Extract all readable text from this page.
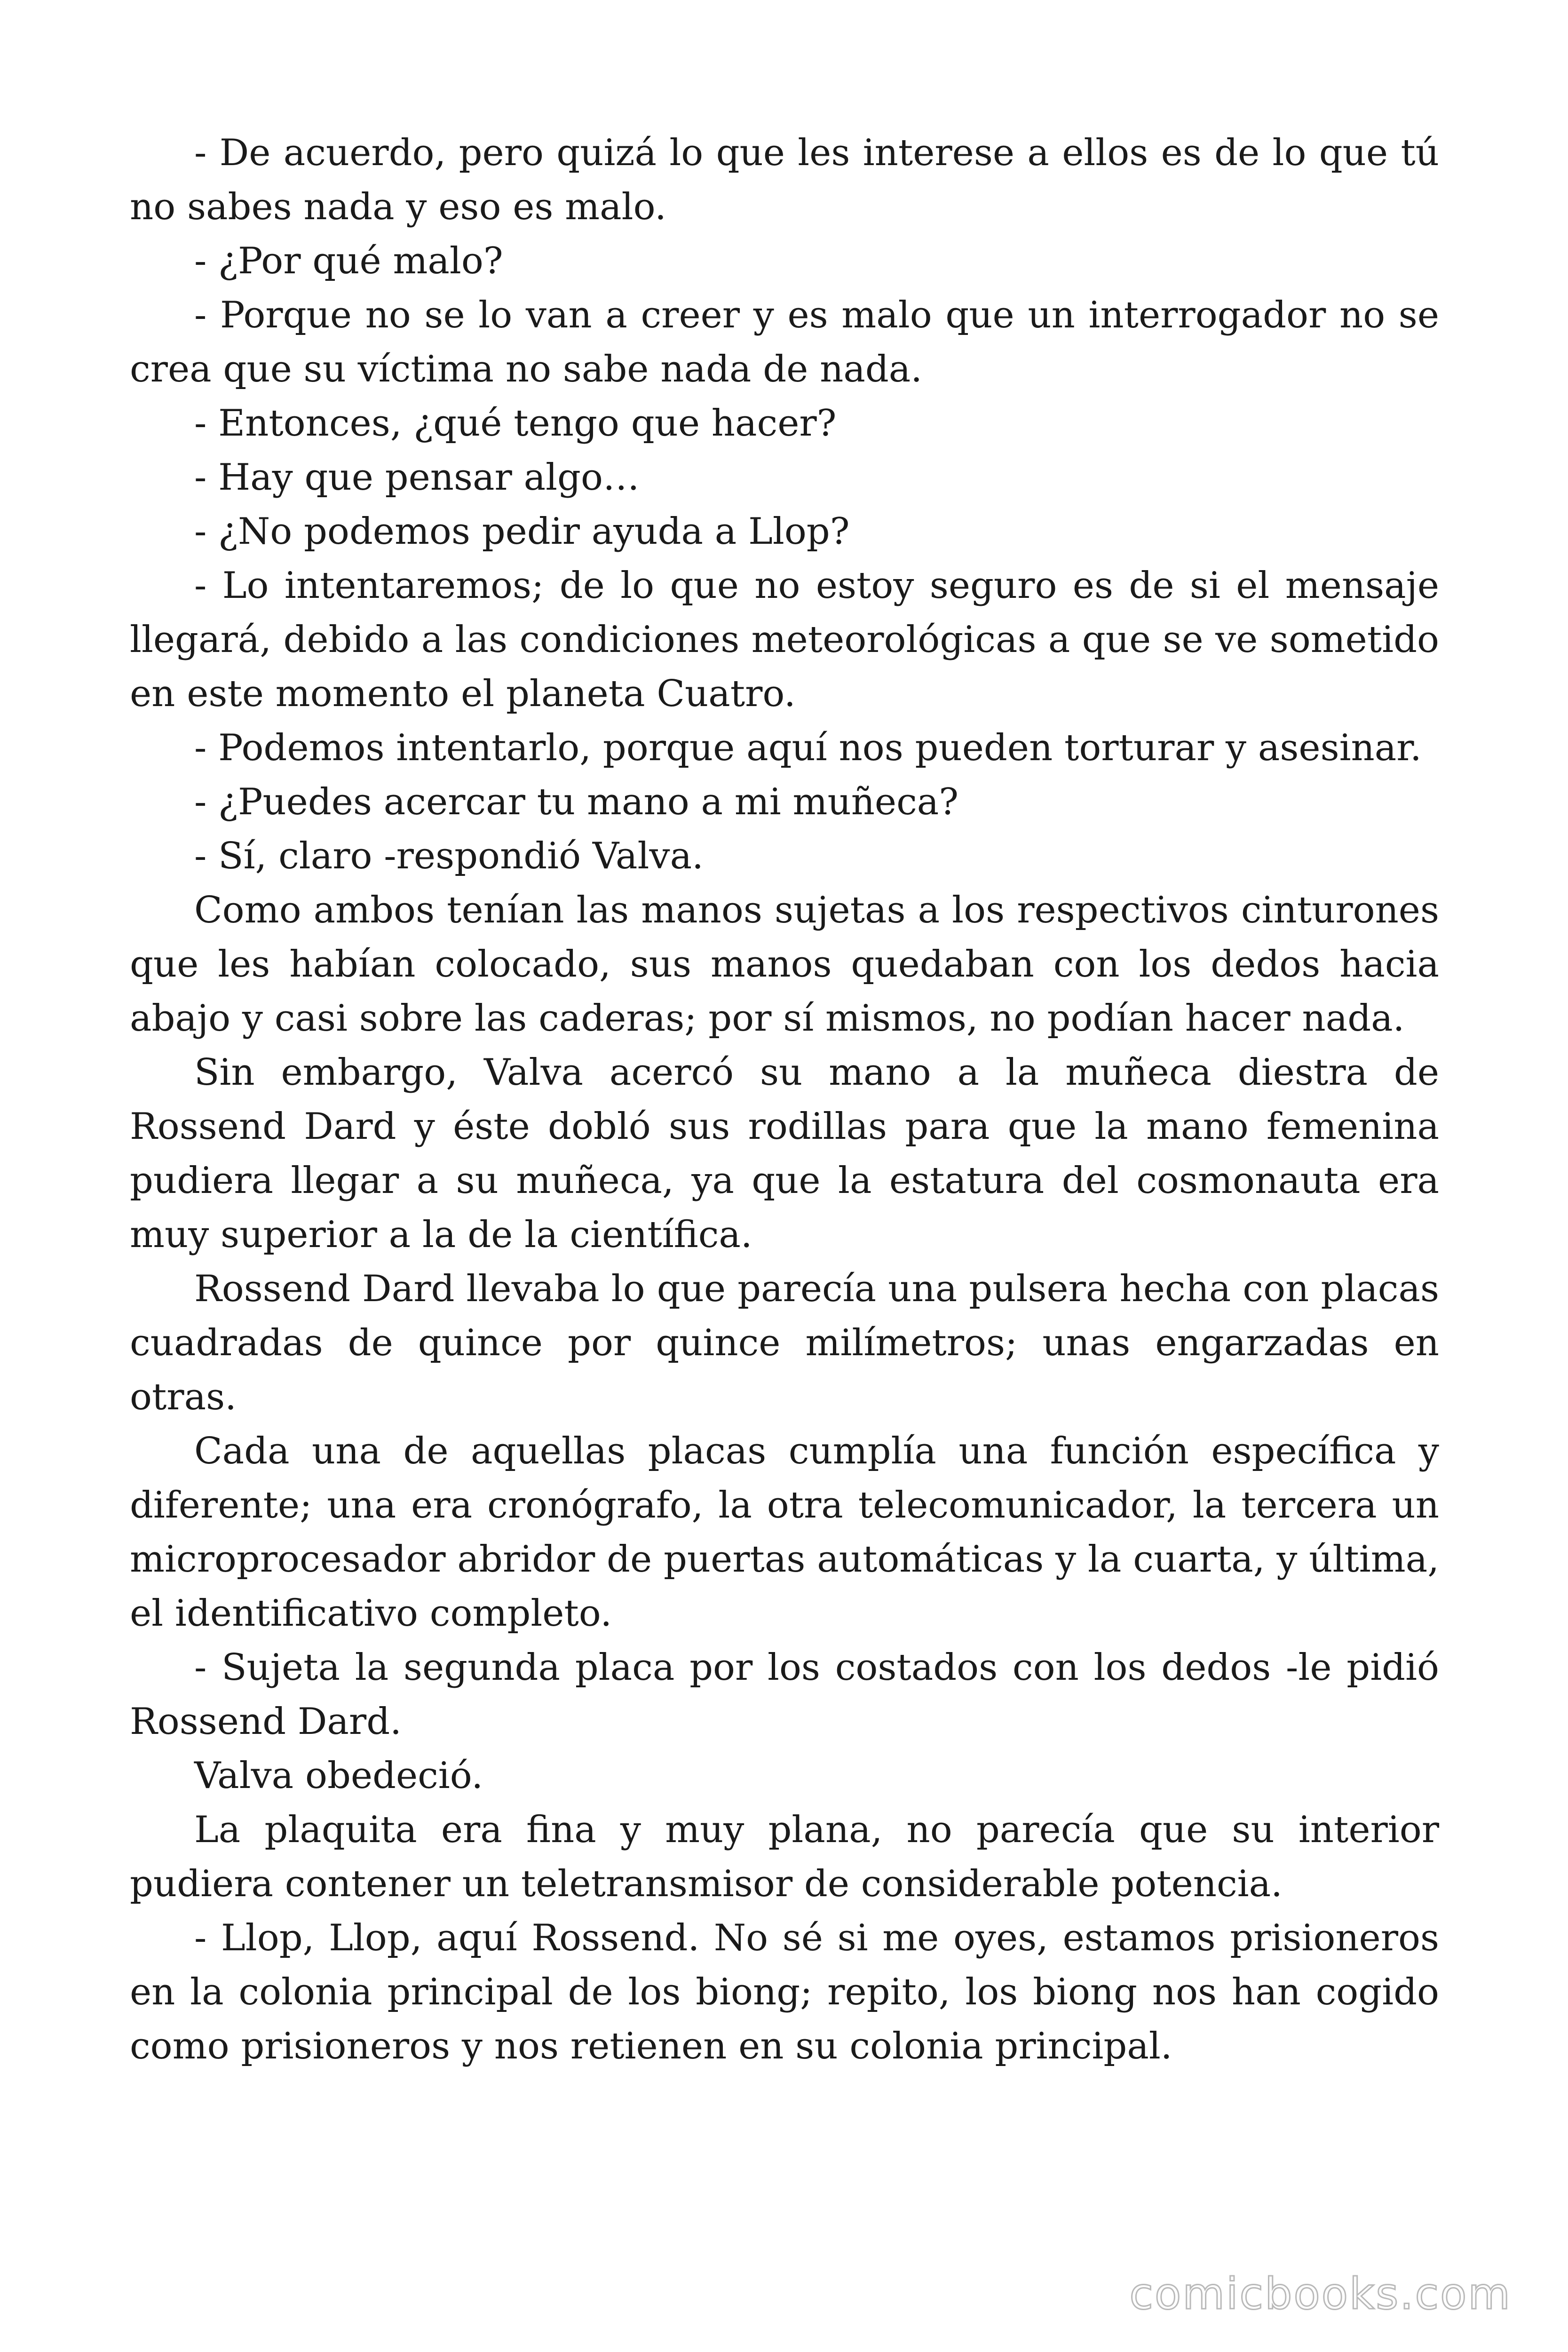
- De acuerdo, pero quizá lo que les interese a ellos es de lo que tú no sabes nada y eso es malo.

- ¿Por qué malo?

- Porque no se lo van a creer y es malo que un interrogador no se crea que su víctima no sabe nada de nada.

- Entonces, ¿qué tengo que hacer?

- Hay que pensar algo…

- ¿No podemos pedir ayuda a Llop?

- Lo intentaremos; de lo que no estoy seguro es de si el mensaje llegará, debido a las condiciones meteorológicas a que se ve sometido en este momento el planeta Cuatro.

- Podemos intentarlo, porque aquí nos pueden torturar y asesinar.

- ¿Puedes acercar tu mano a mi muñeca?

- Sí, claro -respondió Valva.

Como ambos tenían las manos sujetas a los respectivos cinturones que les habían colocado, sus manos quedaban con los dedos hacia abajo y casi sobre las caderas; por sí mismos, no podían hacer nada.

Sin embargo, Valva acercó su mano a la muñeca diestra de Rossend Dard y éste dobló sus rodillas para que la mano femenina pudiera llegar a su muñeca, ya que la estatura del cosmonauta era muy superior a la de la científica.

Rossend Dard llevaba lo que parecía una pulsera hecha con placas cuadradas de quince por quince milímetros; unas engarzadas en otras.

Cada una de aquellas placas cumplía una función específica y diferente; una era cronógrafo, la otra telecomunicador, la tercera un microprocesador abridor de puertas automáticas y la cuarta, y última, el identificativo completo.

- Sujeta la segunda placa por los costados con los dedos -le pidió Rossend Dard.

Valva obedeció.

La plaquita era fina y muy plana, no parecía que su interior pudiera contener un teletransmisor de considerable potencia.

- Llop, Llop, aquí Rossend. No sé si me oyes, estamos prisioneros en la colonia principal de los biong; repito, los biong nos han cogido como prisioneros y nos retienen en su colonia principal.

comicbooks.com
